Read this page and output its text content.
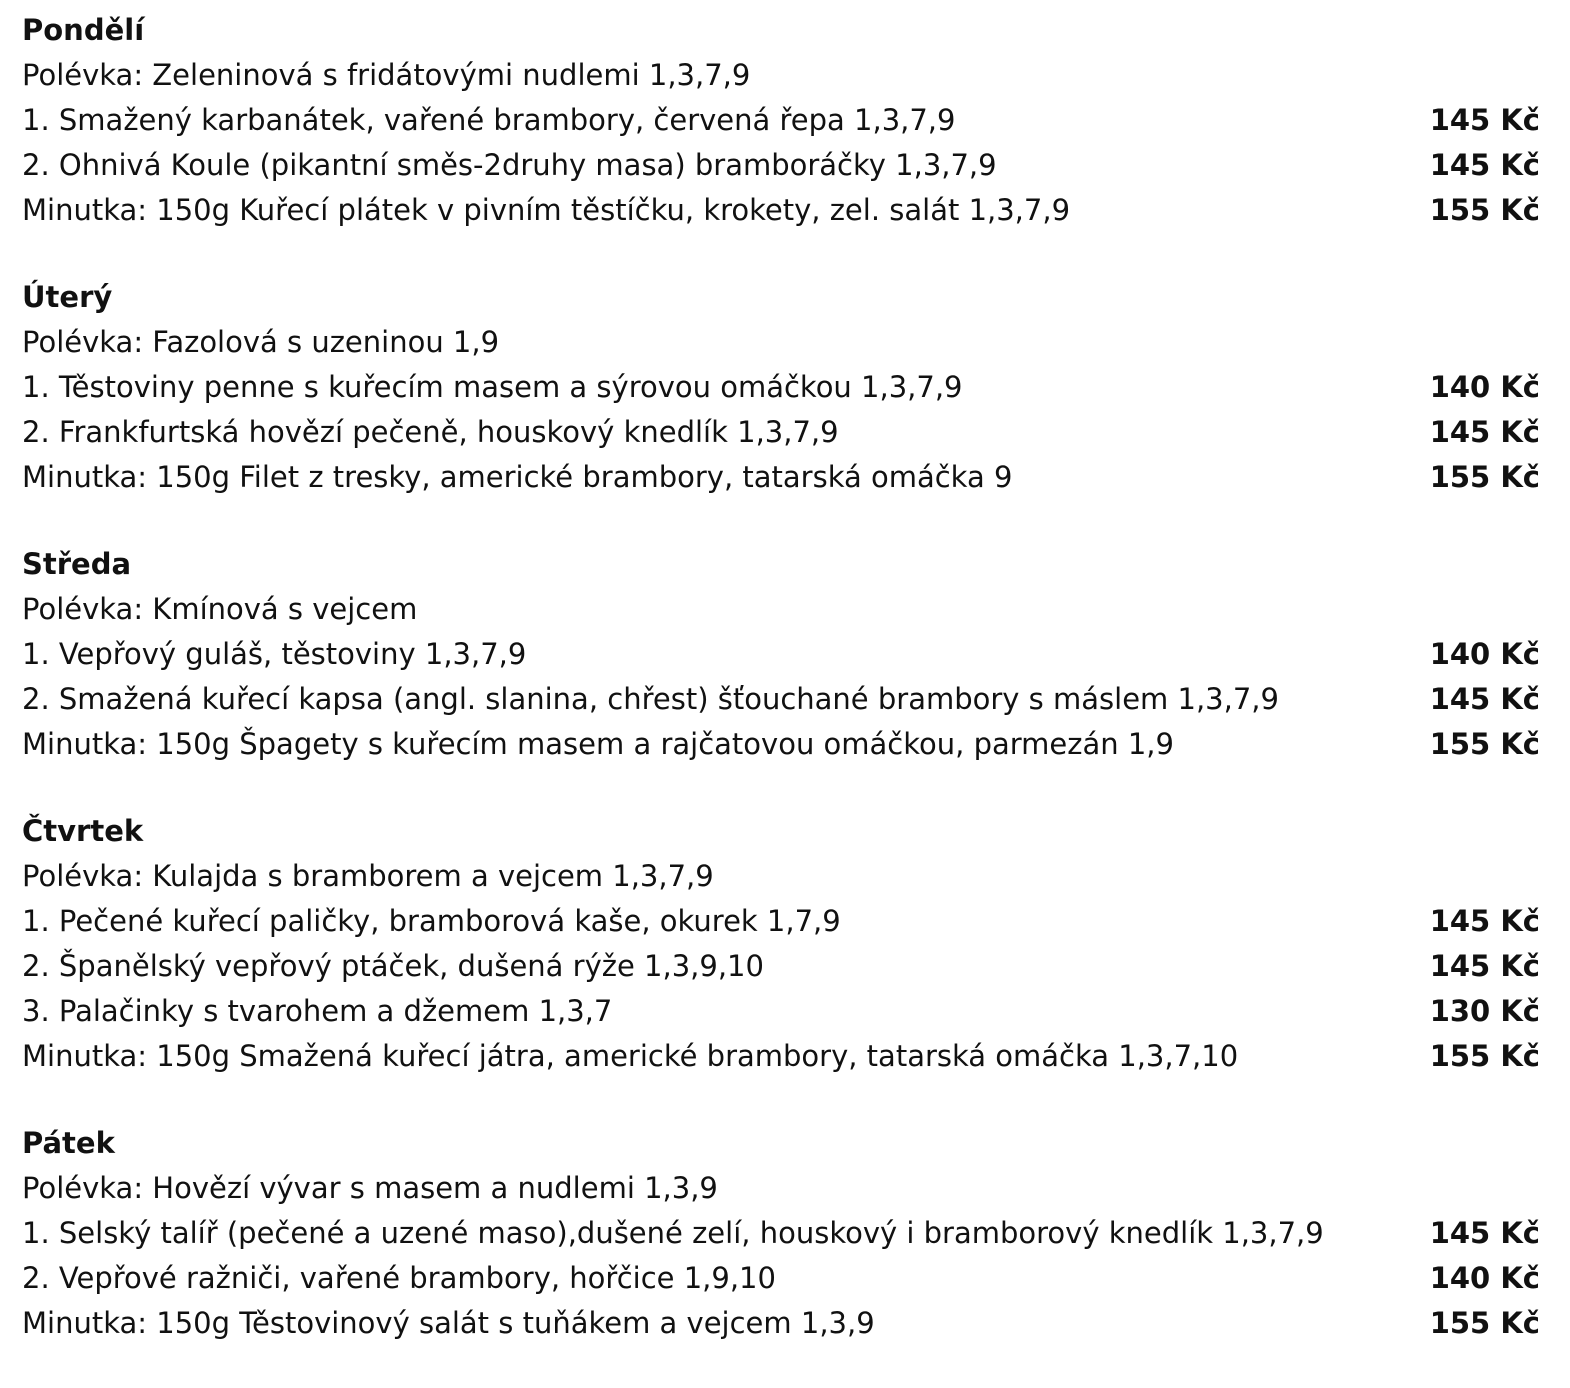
Pondělí
Polévka: Zeleninová s fridátovými nudlemi 1,3,7,9
1. Smažený karbanátek, vařené brambory, červená řepa 1,3,7,9	145 Kč
2. Ohnivá Koule (pikantní směs-2druhy masa) bramboráčky 1,3,7,9	145 Kč
Minutka: 150g Kuřecí plátek v pivním těstíčku, krokety, zel. salát 1,3,7,9	155 Kč
Úterý
Polévka: Fazolová s uzeninou 1,9
1. Těstoviny penne s kuřecím masem a sýrovou omáčkou 1,3,7,9	140 Kč
2. Frankfurtská hovězí pečeně, houskový knedlík 1,3,7,9	145 Kč
Minutka: 150g Filet z tresky, americké brambory, tatarská omáčka 9	155 Kč
Středa
Polévka: Kmínová s vejcem
1. Vepřový guláš, těstoviny 1,3,7,9	140 Kč
2. Smažená kuřecí kapsa (angl. slanina, chřest) šťouchané brambory s máslem 1,3,7,9	145 Kč
Minutka: 150g Špagety s kuřecím masem a rajčatovou omáčkou, parmezán 1,9	155 Kč
Čtvrtek
Polévka: Kulajda s bramborem a vejcem 1,3,7,9
1. Pečené kuřecí paličky, bramborová kaše, okurek 1,7,9	145 Kč
2. Španělský vepřový ptáček, dušená rýže 1,3,9,10	145 Kč
3. Palačinky s tvarohem a džemem 1,3,7	130 Kč
Minutka: 150g Smažená kuřecí játra, americké brambory, tatarská omáčka 1,3,7,10	155 Kč
Pátek
Polévka: Hovězí vývar s masem a nudlemi 1,3,9
1. Selský talíř (pečené a uzené maso),dušené zelí, houskový i bramborový knedlík 1,3,7,9	145 Kč
2. Vepřové ražniči, vařené brambory, hořčice 1,9,10	140 Kč
Minutka: 150g Těstovinový salát s tuňákem a vejcem 1,3,9	155 Kč
